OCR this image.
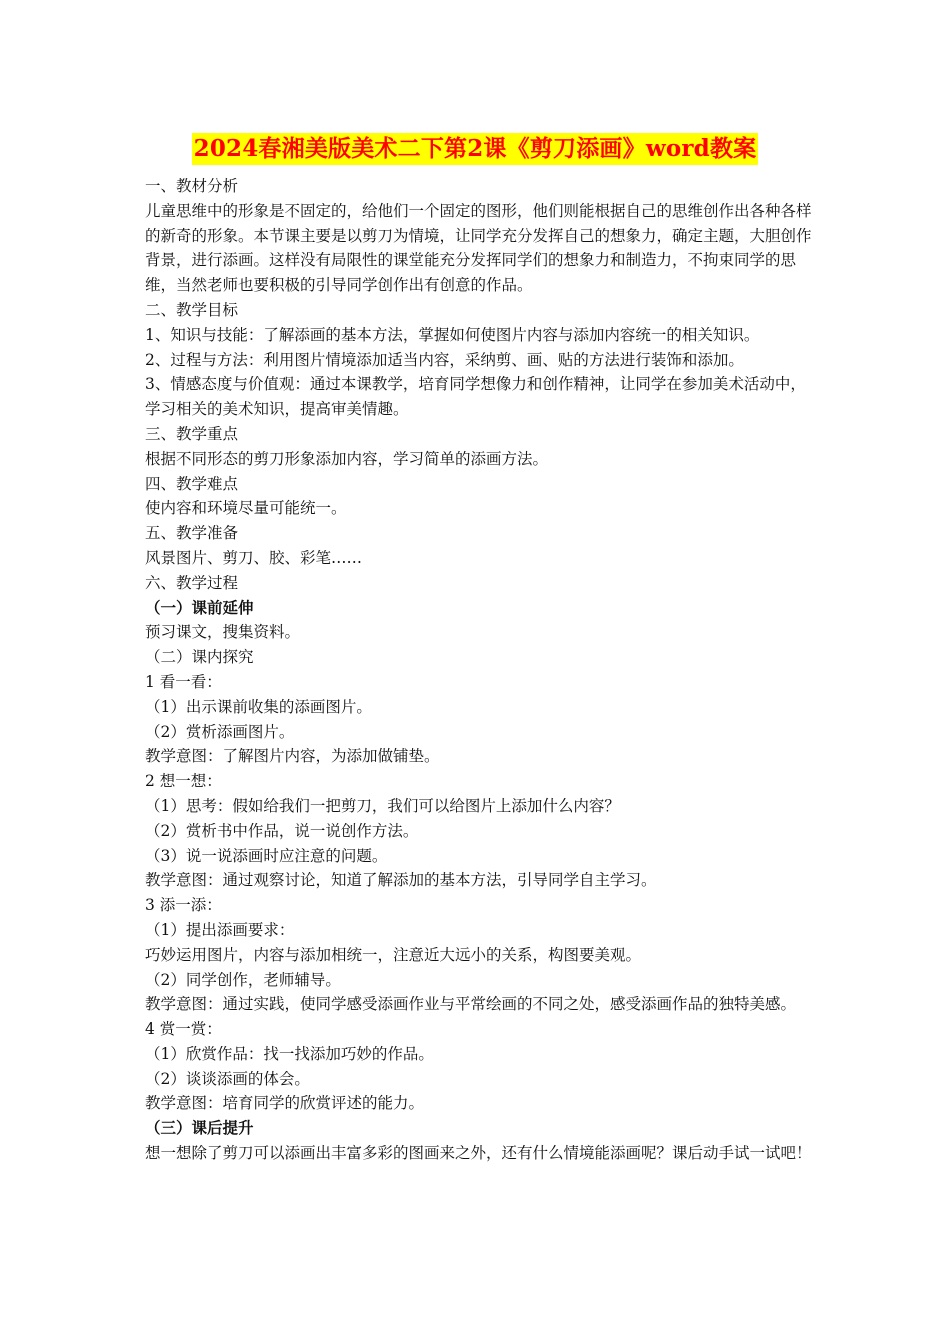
2024春湘美版美术二下第2课《剪刀添画》word教案

一、教材分析

儿童思维中的形象是不固定的，给他们一个固定的图形，他们则能根据自己的思维创作出各种各样的新奇的形象。本节课主要是以剪刀为情境，让同学充分发挥自己的想象力，确定主题，大胆创作背景，进行添画。这样没有局限性的课堂能充分发挥同学们的想象力和制造力，不拘束同学的思维，当然老师也要积极的引导同学创作出有创意的作品。

二、教学目标

1、知识与技能：了解添画的基本方法，掌握如何使图片内容与添加内容统一的相关知识。

2、过程与方法：利用图片情境添加适当内容，采纳剪、画、贴的方法进行装饰和添加。

3、情感态度与价值观：通过本课教学，培育同学想像力和创作精神，让同学在参加美术活动中，学习相关的美术知识，提高审美情趣。

三、教学重点

根据不同形态的剪刀形象添加内容，学习简单的添画方法。

四、教学难点

使内容和环境尽量可能统一。

五、教学准备

风景图片、剪刀、胶、彩笔……

六、教学过程

（一）课前延伸

预习课文，搜集资料。

（二）课内探究

1 看一看：

（1）出示课前收集的添画图片。

（2）赏析添画图片。

教学意图：了解图片内容，为添加做铺垫。

2 想一想：

（1）思考：假如给我们一把剪刀，我们可以给图片上添加什么内容？

（2）赏析书中作品，说一说创作方法。

（3）说一说添画时应注意的问题。

教学意图：通过观察讨论，知道了解添加的基本方法，引导同学自主学习。

3 添一添：

（1）提出添画要求：

巧妙运用图片，内容与添加相统一，注意近大远小的关系，构图要美观。

（2）同学创作，老师辅导。

教学意图：通过实践，使同学感受添画作业与平常绘画的不同之处，感受添画作品的独特美感。

4 赏一赏：

（1）欣赏作品：找一找添加巧妙的作品。

（2）谈谈添画的体会。

教学意图：培育同学的欣赏评述的能力。

（三）课后提升

想一想除了剪刀可以添画出丰富多彩的图画来之外，还有什么情境能添画呢？课后动手试一试吧！
